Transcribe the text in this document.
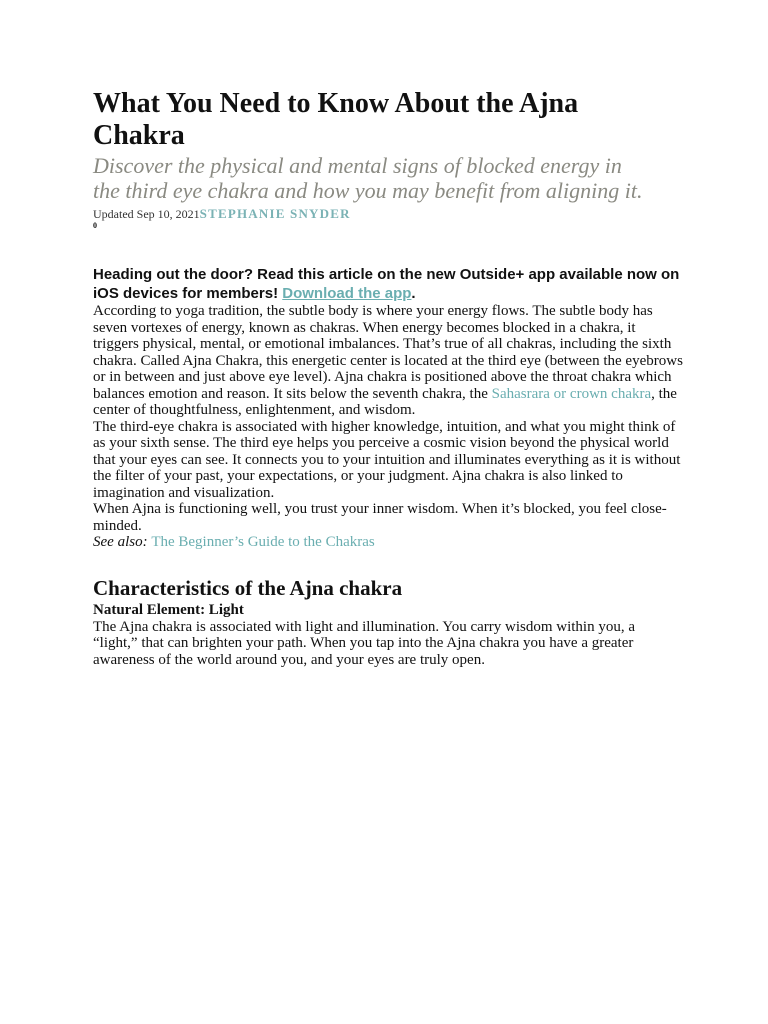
What You Need to Know About the Ajna Chakra
Discover the physical and mental signs of blocked energy in the third eye chakra and how you may benefit from aligning it.
Updated Sep 10, 2021STEPHANIE SNYDER
0
Heading out the door? Read this article on the new Outside+ app available now on iOS devices for members! Download the app.

According to yoga tradition, the subtle body is where your energy flows. The subtle body has seven vortexes of energy, known as chakras. When energy becomes blocked in a chakra, it triggers physical, mental, or emotional imbalances. That’s true of all chakras, including the sixth chakra. Called Ajna Chakra, this energetic center is located at the third eye (between the eyebrows or in between and just above eye level). Ajna chakra is positioned above the throat chakra which balances emotion and reason. It sits below the seventh chakra, the Sahasrara or crown chakra, the center of thoughtfulness, enlightenment, and wisdom.

The third-eye chakra is associated with higher knowledge, intuition, and what you might think of as your sixth sense. The third eye helps you perceive a cosmic vision beyond the physical world that your eyes can see. It connects you to your intuition and illuminates everything as it is without the filter of your past, your expectations, or your judgment. Ajna chakra is also linked to imagination and visualization.

When Ajna is functioning well, you trust your inner wisdom. When it’s blocked, you feel close-minded.

See also: The Beginner’s Guide to the Chakras

Characteristics of the Ajna chakra
Natural Element: Light

The Ajna chakra is associated with light and illumination. You carry wisdom within you, a “light,” that can brighten your path. When you tap into the Ajna chakra you have a greater awareness of the world around you, and your eyes are truly open.
